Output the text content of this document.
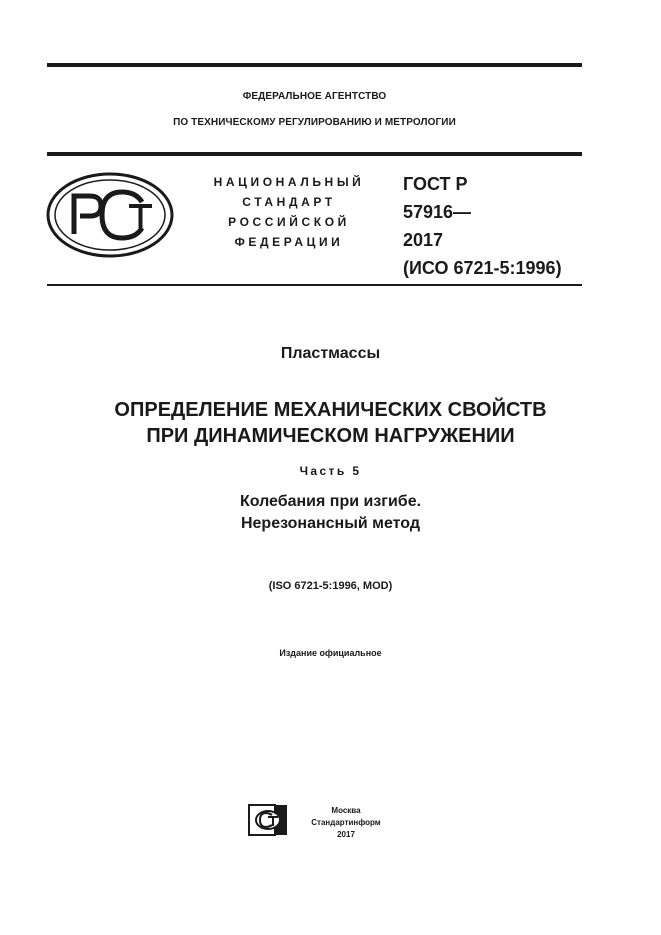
ФЕДЕРАЛЬНОЕ АГЕНТСТВО
ПО ТЕХНИЧЕСКОМУ РЕГУЛИРОВАНИЮ И МЕТРОЛОГИИ
НАЦИОНАЛЬНЫЙ
СТАНДАРТ
РОССИЙСКОЙ
ФЕДЕРАЦИИ
ГОСТ Р
57916—
2017
(ИСО 6721-5:1996)
Пластмассы
ОПРЕДЕЛЕНИЕ МЕХАНИЧЕСКИХ СВОЙСТВ
ПРИ ДИНАМИЧЕСКОМ НАГРУЖЕНИИ
Часть 5
Колебания при изгибе.
Нерезонансный метод
(ISO 6721-5:1996, MOD)
Издание официальное
Москва
Стандартинформ
2017
